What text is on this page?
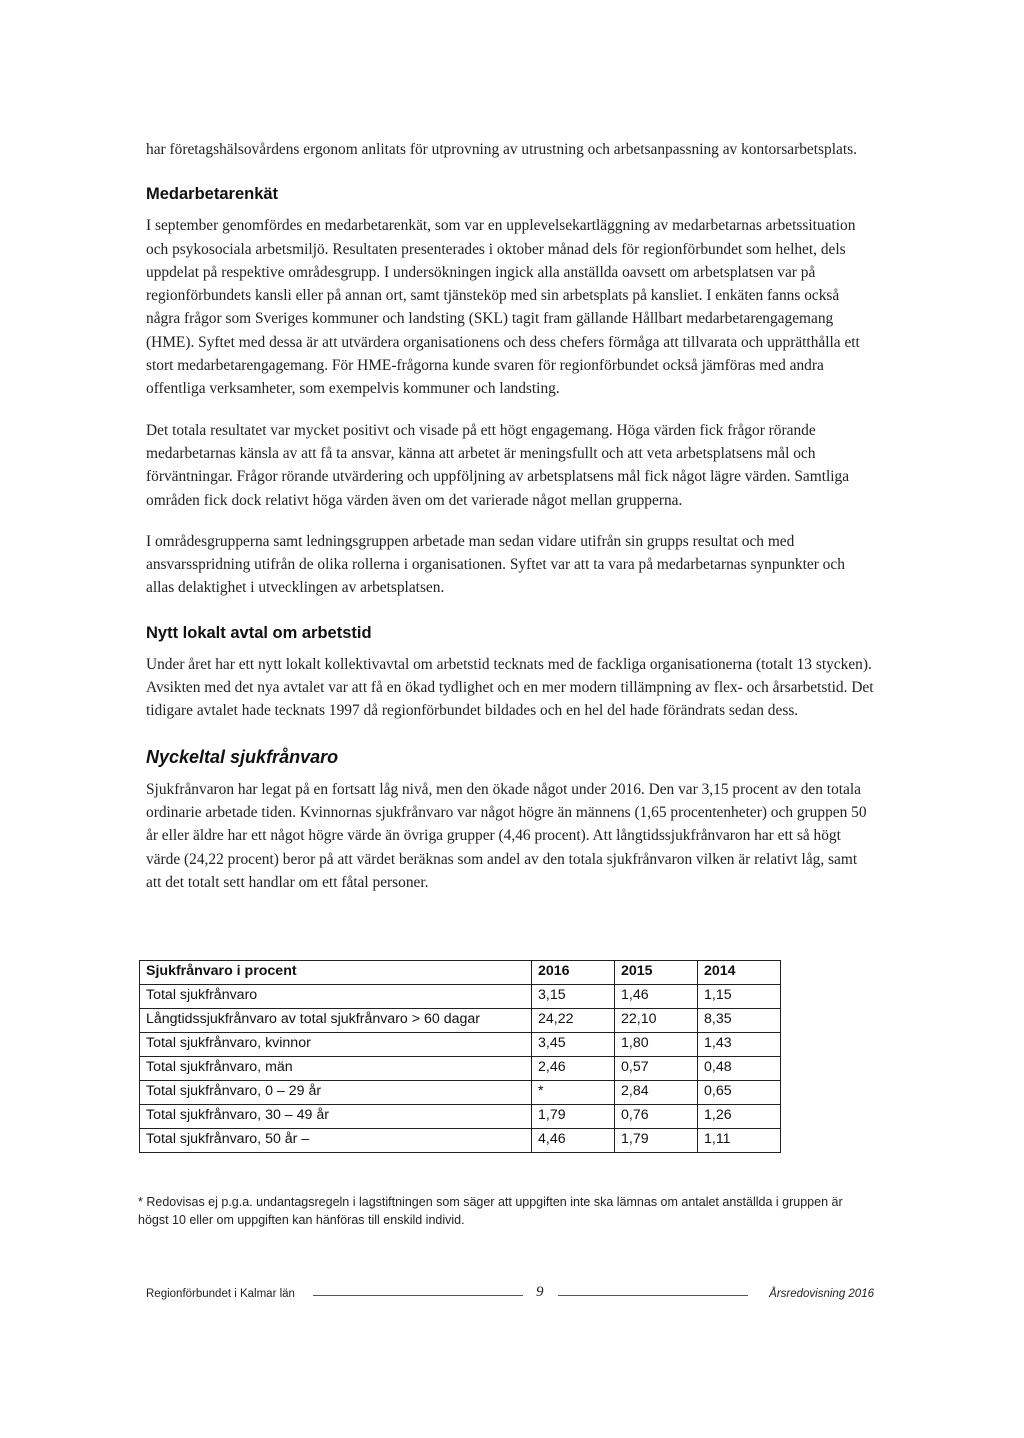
har företagshälsovårdens ergonom anlitats för utprovning av utrustning och arbetsanpassning av kontorsarbetsplats.

Medarbetarenkät

I september genomfördes en medarbetarenkät, som var en upplevelsekartläggning av medarbetarnas arbetssituation och psykosociala arbetsmiljö. Resultaten presenterades i oktober månad dels för regionförbundet som helhet, dels uppdelat på respektive områdesgrupp. I undersökningen ingick alla anställda oavsett om arbetsplatsen var på regionförbundets kansli eller på annan ort, samt tjänsteköp med sin arbetsplats på kansliet. I enkäten fanns också några frågor som Sveriges kommuner och landsting (SKL) tagit fram gällande Hållbart medarbetarengagemang (HME). Syftet med dessa är att utvärdera organisationens och dess chefers förmåga att tillvarata och upprätthålla ett stort medarbetarengagemang. För HME-frågorna kunde svaren för regionförbundet också jämföras med andra offentliga verksamheter, som exempelvis kommuner och landsting.

Det totala resultatet var mycket positivt och visade på ett högt engagemang. Höga värden fick frågor rörande medarbetarnas känsla av att få ta ansvar, känna att arbetet är meningsfullt och att veta arbetsplatsens mål och förväntningar. Frågor rörande utvärdering och uppföljning av arbetsplatsens mål fick något lägre värden. Samtliga områden fick dock relativt höga värden även om det varierade något mellan grupperna.

I områdesgrupperna samt ledningsgruppen arbetade man sedan vidare utifrån sin grupps resultat och med ansvarsspridning utifrån de olika rollerna i organisationen. Syftet var att ta vara på medarbetarnas synpunkter och allas delaktighet i utvecklingen av arbetsplatsen.

Nytt lokalt avtal om arbetstid

Under året har ett nytt lokalt kollektivavtal om arbetstid tecknats med de fackliga organisationerna (totalt 13 stycken). Avsikten med det nya avtalet var att få en ökad tydlighet och en mer modern tillämpning av flex- och årsarbetstid. Det tidigare avtalet hade tecknats 1997 då regionförbundet bildades och en hel del hade förändrats sedan dess.

Nyckeltal sjukfrånvaro

Sjukfrånvaron har legat på en fortsatt låg nivå, men den ökade något under 2016. Den var 3,15 procent av den totala ordinarie arbetade tiden. Kvinnornas sjukfrånvaro var något högre än männens (1,65 procentenheter) och gruppen 50 år eller äldre har ett något högre värde än övriga grupper (4,46 procent). Att långtidssjukfrånvaron har ett så högt värde (24,22 procent) beror på att värdet beräknas som andel av den totala sjukfrånvaron vilken är relativt låg, samt att det totalt sett handlar om ett fåtal personer.

Sjukfrånvaro i procent	2016	2015	2014
Total sjukfrånvaro	3,15	1,46	1,15
Långtidssjukfrånvaro av total sjukfrånvaro > 60 dagar	24,22	22,10	8,35
Total sjukfrånvaro, kvinnor	3,45	1,80	1,43
Total sjukfrånvaro, män	2,46	0,57	0,48
Total sjukfrånvaro, 0 – 29 år	*	2,84	0,65
Total sjukfrånvaro, 30 – 49 år	1,79	0,76	1,26
Total sjukfrånvaro, 50 år –	4,46	1,79	1,11
* Redovisas ej p.g.a. undantagsregeln i lagstiftningen som säger att uppgiften inte ska lämnas om antalet anställda i gruppen är högst 10 eller om uppgiften kan hänföras till enskild individ.
Regionförbundet i Kalmar län	9	Årsredovisning 2016
